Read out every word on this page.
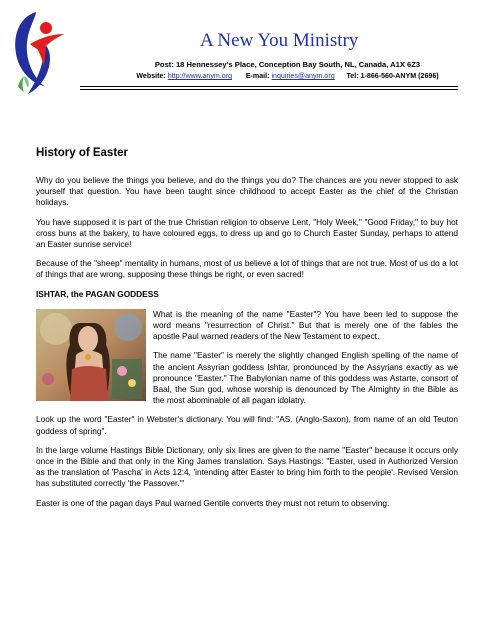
A New You Ministry
Post: 18 Hennessey's Place, Conception Bay South, NL, Canada, A1X 6Z3
Website: http://www.anym.org E-mail: inquiries@anym.org Tel: 1-866-560-ANYM (2696)
History of Easter

Why do you believe the things you believe, and do the things you do? The chances are you never stopped to ask yourself that question. You have been taught since childhood to accept Easter as the chief of the Christian holidays.

You have supposed it is part of the true Christian religion to observe Lent, "Holy Week," "Good Friday," to buy hot cross buns at the bakery, to have coloured eggs, to dress up and go to Church Easter Sunday, perhaps to attend an Easter sunrise service!

Because of the "sheep" mentality in humans, most of us believe a lot of things that are not true. Most of us do a lot of things that are wrong, supposing these things be right, or even sacred!

ISHTAR, the PAGAN GODDESS

What is the meaning of the name "Easter"? You have been led to suppose the word means "resurrection of Christ." But that is merely one of the fables the apostle Paul warned readers of the New Testament to expect.

The name "Easter" is merely the slightly changed English spelling of the name of the ancient Assyrian goddess Ishtar, pronounced by the Assyrians exactly as we pronounce "Easter." The Babylonian name of this goddess was Astarte, consort of Baal, the Sun god, whose worship is denounced by The Almighty in the Bible as the most abominable of all pagan idolatry.

Look up the word "Easter" in Webster's dictionary. You will find: "AS. (Anglo-Saxon), from name of an old Teuton goddess of spring".

In the large volume Hastings Bible Dictionary, only six lines are given to the name "Easter" because it occurs only once in the Bible and that only in the King James translation. Says Hastings: "Easter, used in Authorized Version as the translation of 'Pascha' in Acts 12:4, 'intending after Easter to bring him forth to the people'. Revised Version has substituted correctly 'the Passover.'"

Easter is one of the pagan days Paul warned Gentile converts they must not return to observing.
